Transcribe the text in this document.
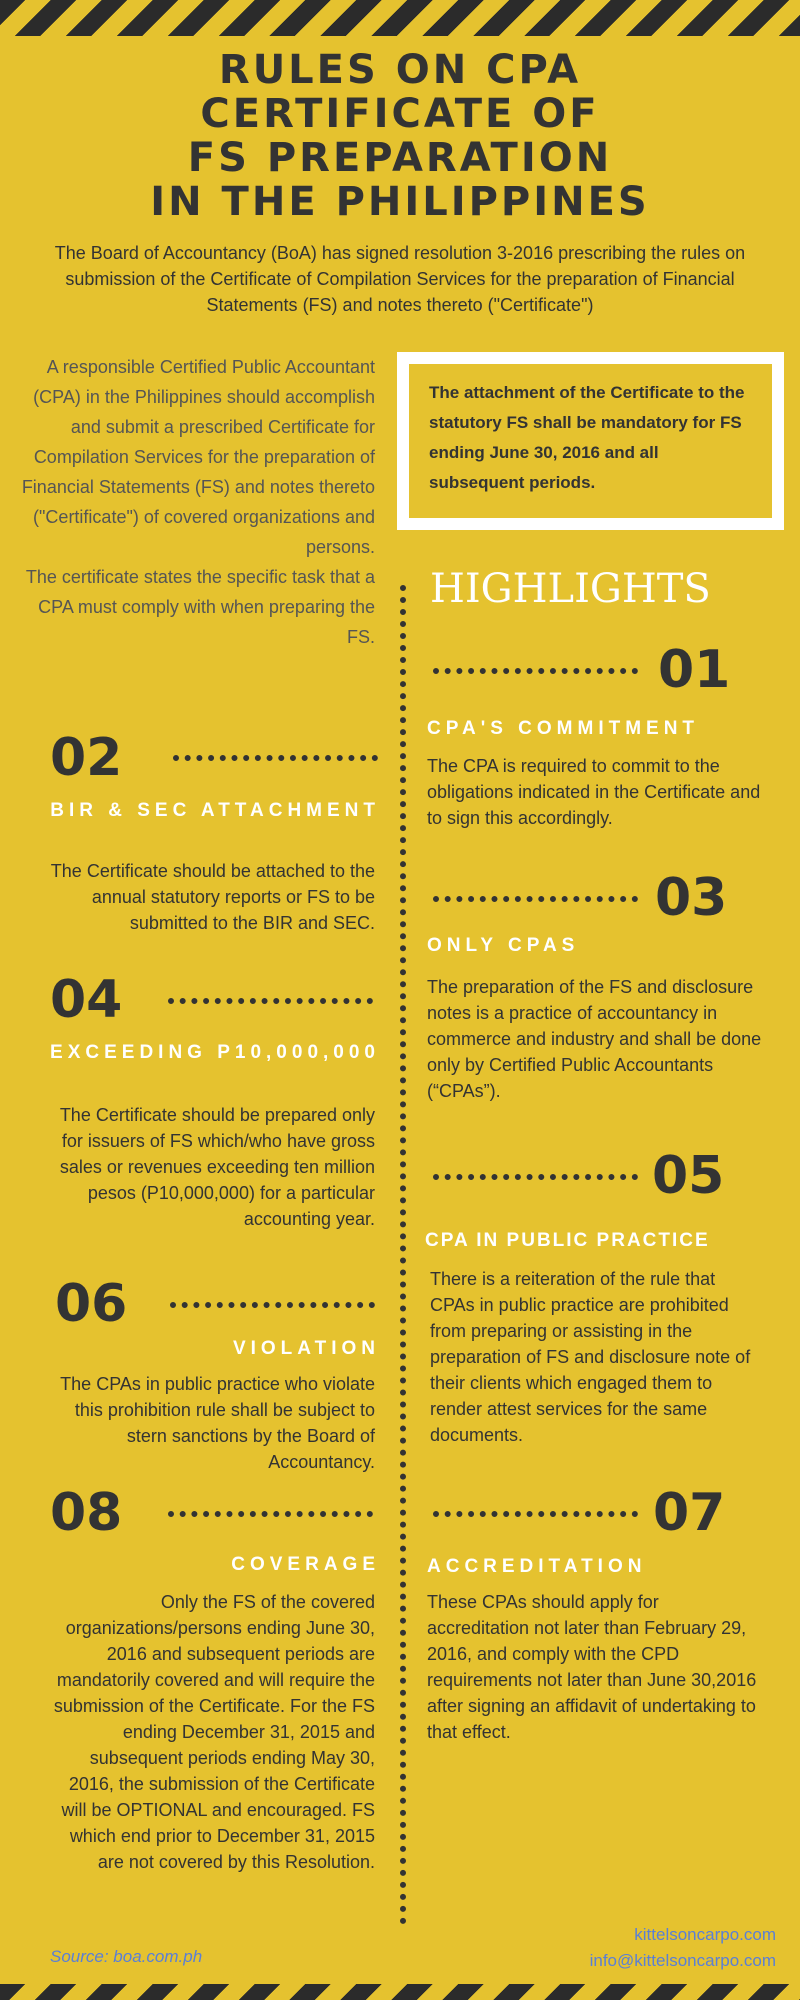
RULES ON CPA
CERTIFICATE OF
FS PREPARATION
IN THE PHILIPPINES
The Board of Accountancy (BoA) has signed resolution 3-2016 prescribing the rules on submission of the Certificate of Compilation Services for the preparation of Financial Statements (FS) and notes thereto ("Certificate")
A responsible Certified Public Accountant (CPA) in the Philippines should accomplish and submit a prescribed Certificate for Compilation Services for the preparation of Financial Statements (FS) and notes thereto ("Certificate") of covered organizations and persons.
The certificate states the specific task that a CPA must comply with when preparing the FS.
The attachment of the Certificate to the statutory FS shall be mandatory for FS ending June 30, 2016 and all subsequent periods.
HIGHLIGHTS
01
CPA'S COMMITMENT
The CPA is required to commit to the obligations indicated in the Certificate and to sign this accordingly.
02
BIR & SEC ATTACHMENT
The Certificate should be attached to the annual statutory reports or FS to be submitted to the BIR and SEC.	03
ONLY CPAS
The preparation of the FS and disclosure notes is a practice of accountancy in commerce and industry and shall be done only by Certified Public Accountants (“CPAs”).
04
EXCEEDING P10,000,000
The Certificate should be prepared only for issuers of FS which/who have gross sales or revenues exceeding ten million pesos (P10,000,000) for a particular accounting year.
05
CPA IN PUBLIC PRACTICE
There is a reiteration of the rule that CPAs in public practice are prohibited from preparing or assisting in the preparation of FS and disclosure note of their clients which engaged them to render attest services for the same documents.
06
VIOLATION
The CPAs in public practice who violate this prohibition rule shall be subject to stern sanctions by the Board of Accountancy.
08
COVERAGE
Only the FS of the covered organizations/persons ending June 30, 2016 and subsequent periods are mandatorily covered and will require the submission of the Certificate. For the FS ending December 31, 2015 and subsequent periods ending May 30, 2016, the submission of the Certificate will be OPTIONAL and encouraged. FS which end prior to December 31, 2015 are not covered by this Resolution.
07
ACCREDITATION
These CPAs should apply for accreditation not later than February 29, 2016, and comply with the CPD requirements not later than June 30,2016 after signing an affidavit of undertaking to that effect.
Source: boa.com.ph
kittelsoncarpo.com
info@kittelsoncarpo.com
